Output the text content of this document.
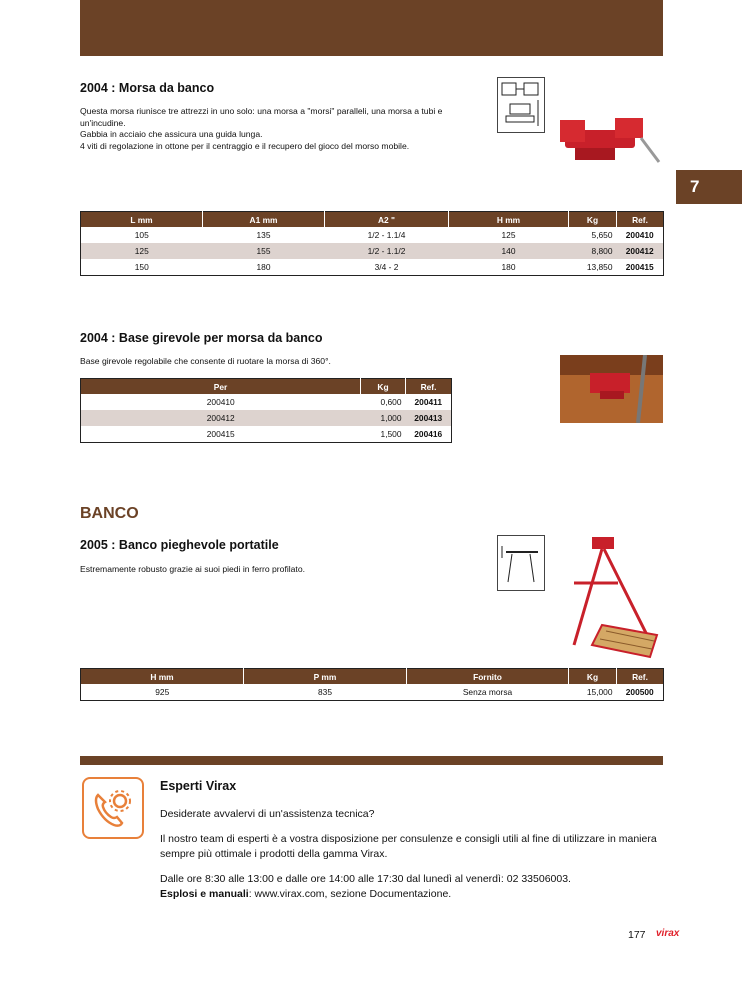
7
2004 : Morsa da banco

Questa morsa riunisce tre attrezzi in uno solo: una morsa a "morsi" paralleli, una morsa a tubi e un'incudine.

Gabbia in acciaio che assicura una guida lunga.

4 viti di regolazione in ottone per il centraggio e il recupero del gioco del morso mobile.

L mm	A1 mm	A2 "	H mm	Kg	Ref.
105	135	1/2 - 1.1/4	125	5,650	200410
125	155	1/2 - 1.1/2	140	8,800	200412
150	180	3/4 - 2	180	13,850	200415
2004 : Base girevole per morsa da banco
Base girevole regolabile che consente di ruotare la morsa di 360°.
Per	Kg	Ref.
200410	0,600	200411
200412	1,000	200413
200415	1,500	200416
BANCO
2005 : Banco pieghevole portatile
Estremamente robusto grazie ai suoi piedi in ferro profilato.
H mm	P mm	Fornito	Kg	Ref.
925	835	Senza morsa	15,000	200500
Esperti Virax

Desiderate avvalervi di un'assistenza tecnica?

Il nostro team di esperti è a vostra disposizione per consulenze e consigli utili al fine di utilizzare in maniera sempre più ottimale i prodotti della gamma Virax.

Dalle ore 8:30 alle 13:00 e dalle ore 14:00 alle 17:30 dal lunedì al venerdì: 02 33506003.

Esplosi e manuali: www.virax.com, sezione Documentazione.

177 virax
